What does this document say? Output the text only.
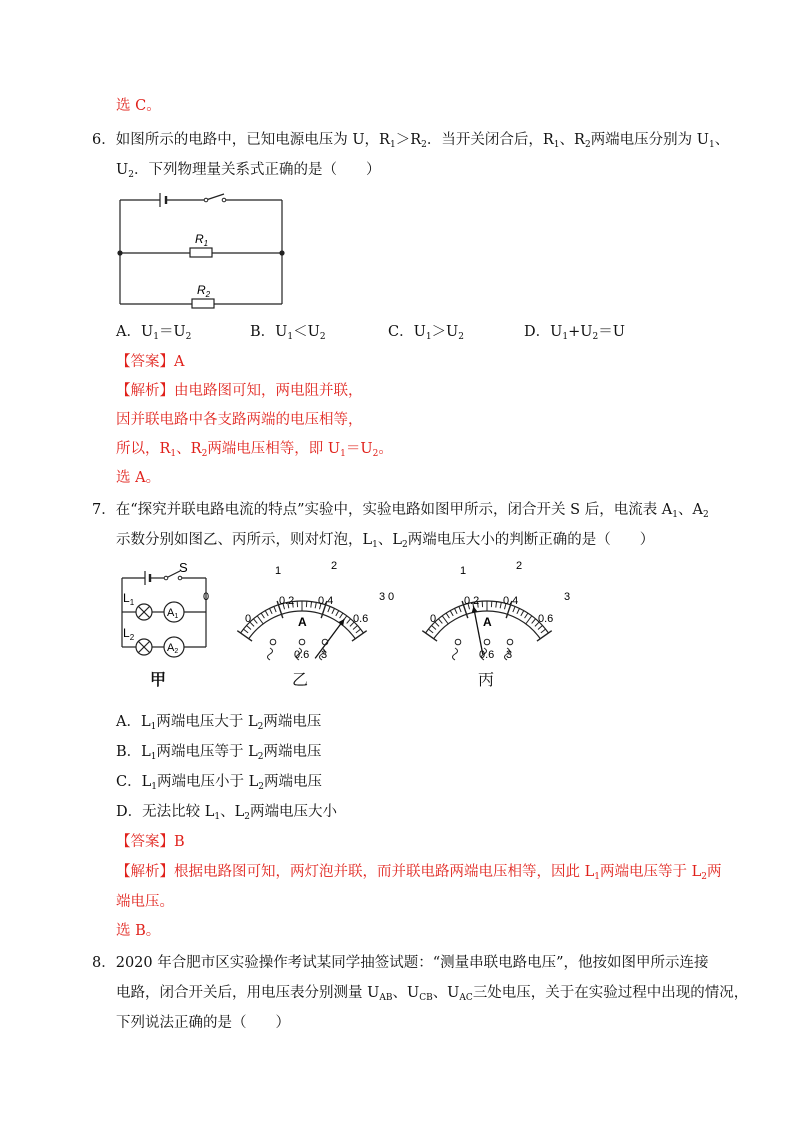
选 C。
6．如图所示的电路中，已知电源电压为 U，$R_1>R_2$．当开关闭合后，$R_1$、$R_2$两端电压分别为 $U_1$、
$U_2$．下列物理量关系式正确的是（　　）
$R_1$
$R_2$
A．$U_1=U_2$	B．$U_1<U_2$	C．$U_1>U_2$	D．$U_1+U_2=U$
【答案】A
【解析】由电路图可知，两电阻并联，
因并联电路中各支路两端的电压相等，
所以，$R_1$、$R_2$两端电压相等，即 $U_1=U_2$。
选 A。
7．在“探究并联电路电流的特点”实验中，实验电路如图甲所示，闭合开关 S 后，电流表 $A_1$、$A_2$
示数分别如图乙、丙所示，则对灯泡，$L_1$、$L_2$两端电压大小的判断正确的是（　　）
S
$L_1$
$L_2$
A1
A2
甲
0
1	2
3
0
0.2 0.4
0.6
A
0.6 3
乙
0
1	2
3
0
0.2 0.4
0.6
A
0.6 3
丙
A．$L_1$两端电压大于 $L_2$两端电压
B．$L_1$两端电压等于 $L_2$两端电压
C．$L_1$两端电压小于 $L_2$两端电压
D．无法比较 $L_1$、$L_2$两端电压大小
【答案】B
【解析】根据电路图可知，两灯泡并联，而并联电路两端电压相等，因此 $L_1$两端电压等于 $L_2$两
端电压。
选 B。
8．2020 年合肥市区实验操作考试某同学抽签试题：“测量串联电路电压”，他按如图甲所示连接
电路，闭合开关后，用电压表分别测量 $U_{AB}$、$U_{CB}$、$U_{AC}$三处电压，关于在实验过程中出现的情况，
下列说法正确的是（　　）
